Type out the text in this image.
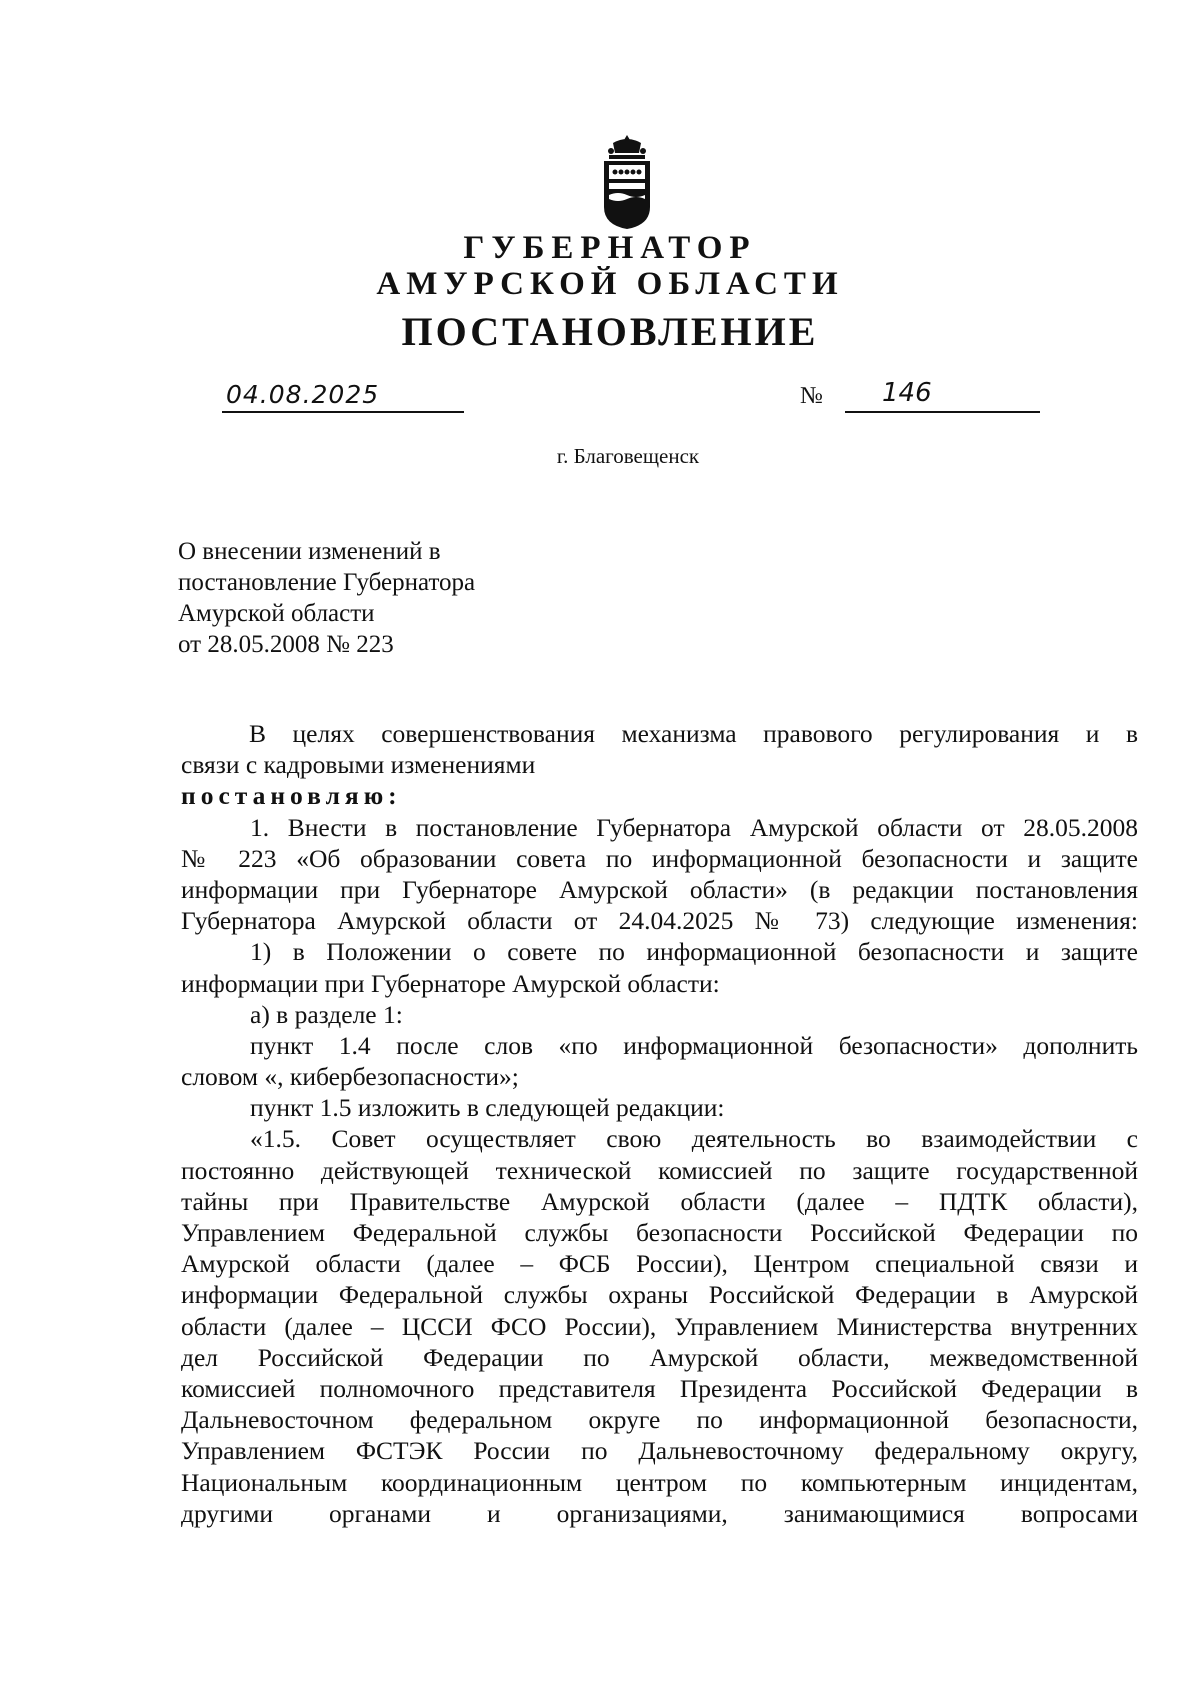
ГУБЕРНАТОР
АМУРСКОЙ ОБЛАСТИ
ПОСТАНОВЛЕНИЕ
04.08.2025	№ 146
г. Благовещенск
О внесении изменений в
постановление Губернатора
Амурской области
от 28.05.2008 № 223
В целях совершенствования механизма правового регулирования и в
связи с кадровыми изменениями
постановляю:
1. Внести в постановление Губернатора Амурской области от 28.05.2008
№ 223 «Об образовании совета по информационной безопасности и защите
информации при Губернаторе Амурской области» (в редакции постановления
Губернатора Амурской области от 24.04.2025 № 73) следующие изменения:
1) в Положении о совете по информационной безопасности и защите
информации при Губернаторе Амурской области:
а) в разделе 1:
пункт 1.4 после слов «по информационной безопасности» дополнить
словом «, кибербезопасности»;
пункт 1.5 изложить в следующей редакции:
«1.5. Совет осуществляет свою деятельность во взаимодействии с
постоянно действующей технической комиссией по защите государственной
тайны при Правительстве Амурской области (далее – ПДТК области),
Управлением Федеральной службы безопасности Российской Федерации по
Амурской области (далее – ФСБ России), Центром специальной связи и
информации Федеральной службы охраны Российской Федерации в Амурской
области (далее – ЦССИ ФСО России), Управлением Министерства внутренних
дел Российской Федерации по Амурской области, межведомственной
комиссией полномочного представителя Президента Российской Федерации в
Дальневосточном федеральном округе по информационной безопасности,
Управлением ФСТЭК России по Дальневосточному федеральному округу,
Национальным координационным центром по компьютерным инцидентам,
другими органами и организациями, занимающимися вопросами
